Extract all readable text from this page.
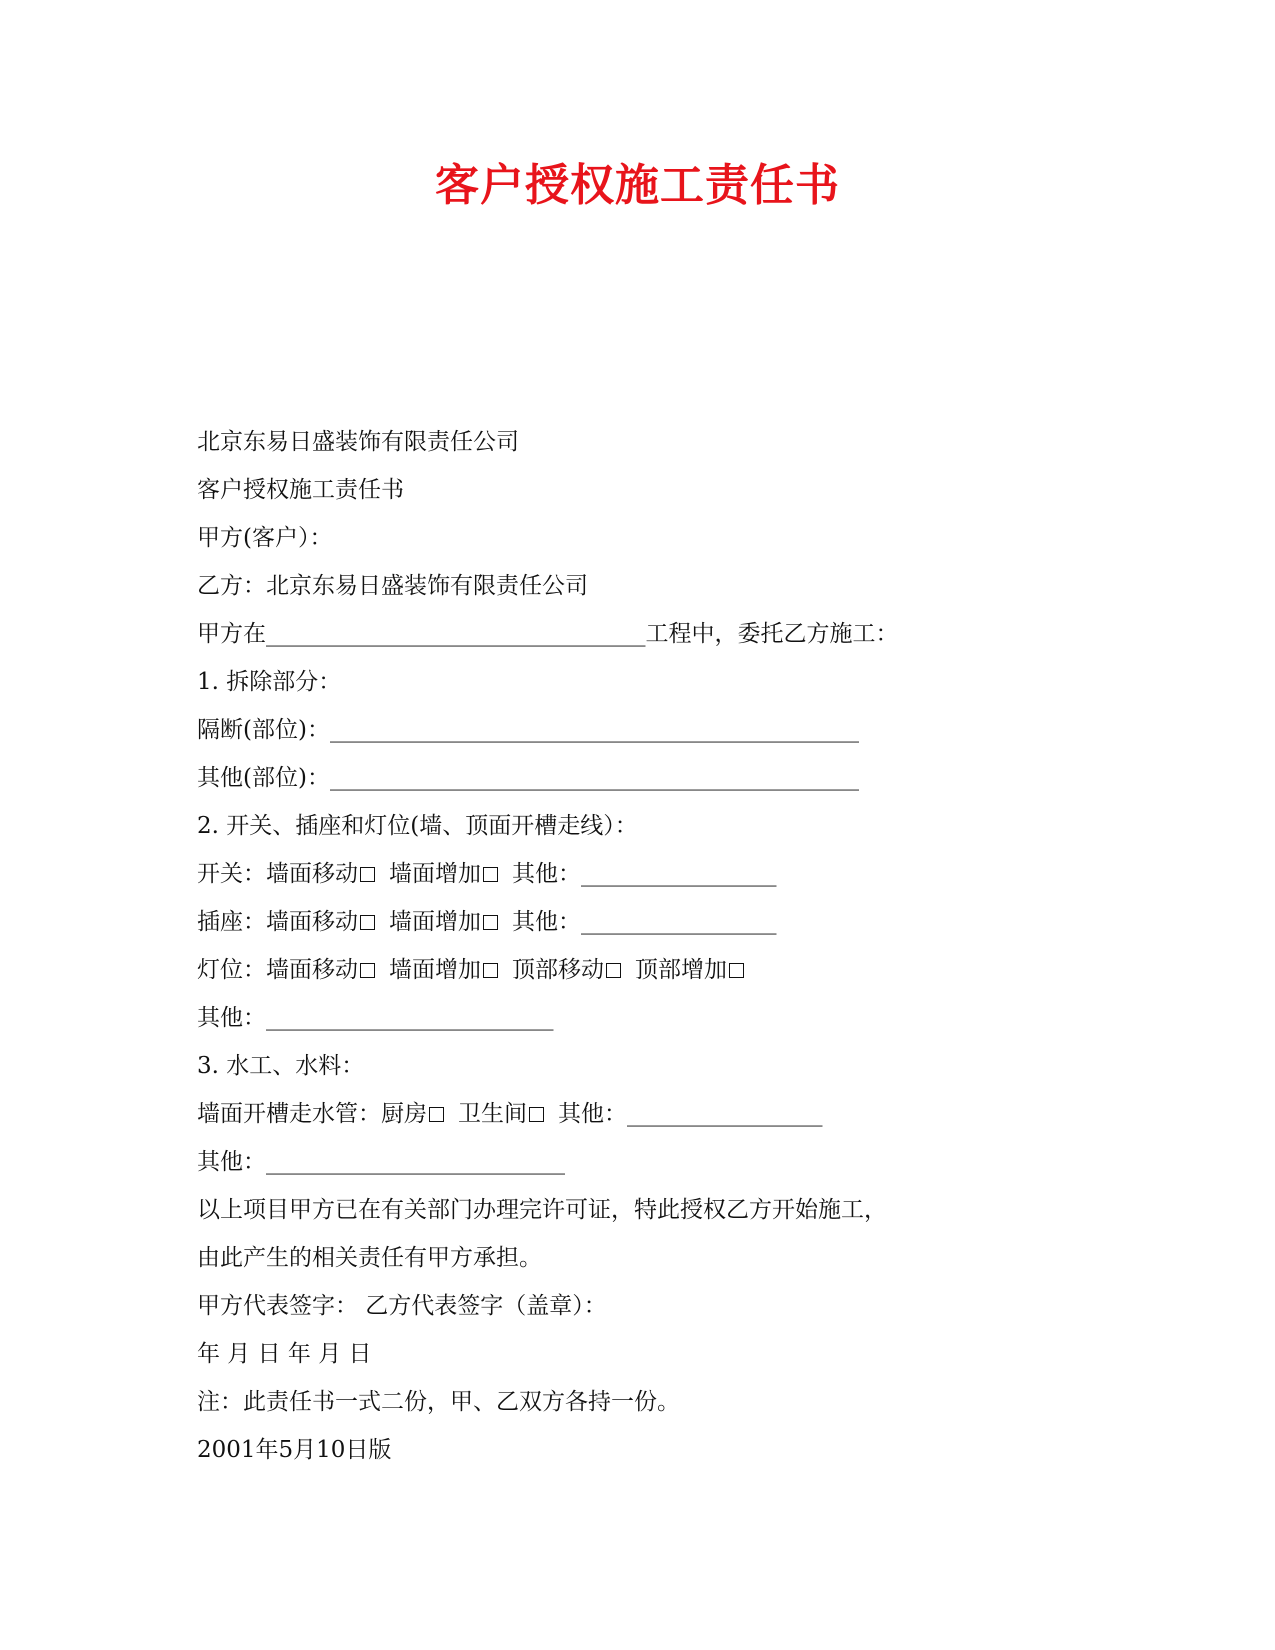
客户授权施工责任书
北京东易日盛装饰有限责任公司
客户授权施工责任书
甲方(客户）：
乙方：北京东易日盛装饰有限责任公司
甲方在_________________________________工程中，委托乙方施工：
1. 拆除部分：
隔断(部位)：______________________________________________
其他(部位)：______________________________________________
2. 开关、插座和灯位(墙、顶面开槽走线）：
开关：墙面移动 墙面增加 其他：_________________
插座：墙面移动 墙面增加 其他：_________________
灯位：墙面移动 墙面增加 顶部移动 顶部增加
其他：_________________________
3. 水工、水料：
墙面开槽走水管：厨房 卫生间 其他：_________________
其他：__________________________
以上项目甲方已在有关部门办理完许可证，特此授权乙方开始施工，
由此产生的相关责任有甲方承担。
甲方代表签字： 乙方代表签字（盖章）：
年 月 日 年 月 日
注：此责任书一式二份，甲、乙双方各持一份。
2001年5月10日版
